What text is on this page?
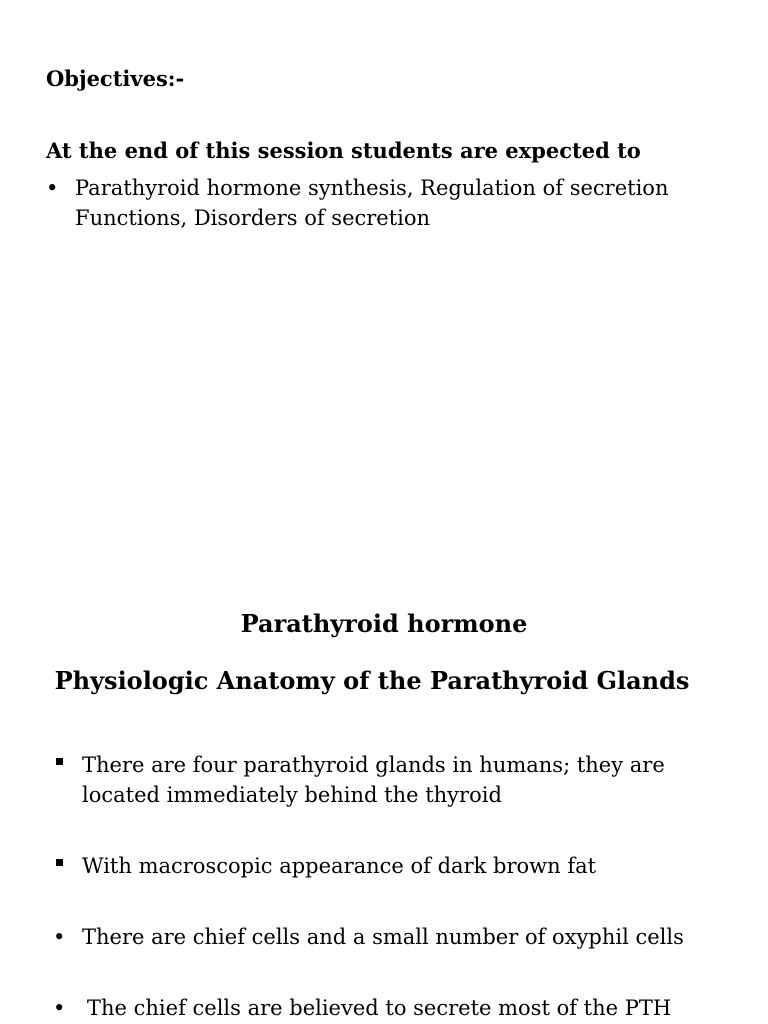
Objectives:-
At the end of this session students are expected to
• Parathyroid hormone synthesis, Regulation of secretion Functions, Disorders of secretion
Parathyroid hormone
Physiologic Anatomy of the Parathyroid Glands
There are four parathyroid glands in humans; they are located immediately behind the thyroid
With macroscopic appearance of dark brown fat
• There are chief cells and a small number of oxyphil cells
• The chief cells are believed to secrete most of the PTH
